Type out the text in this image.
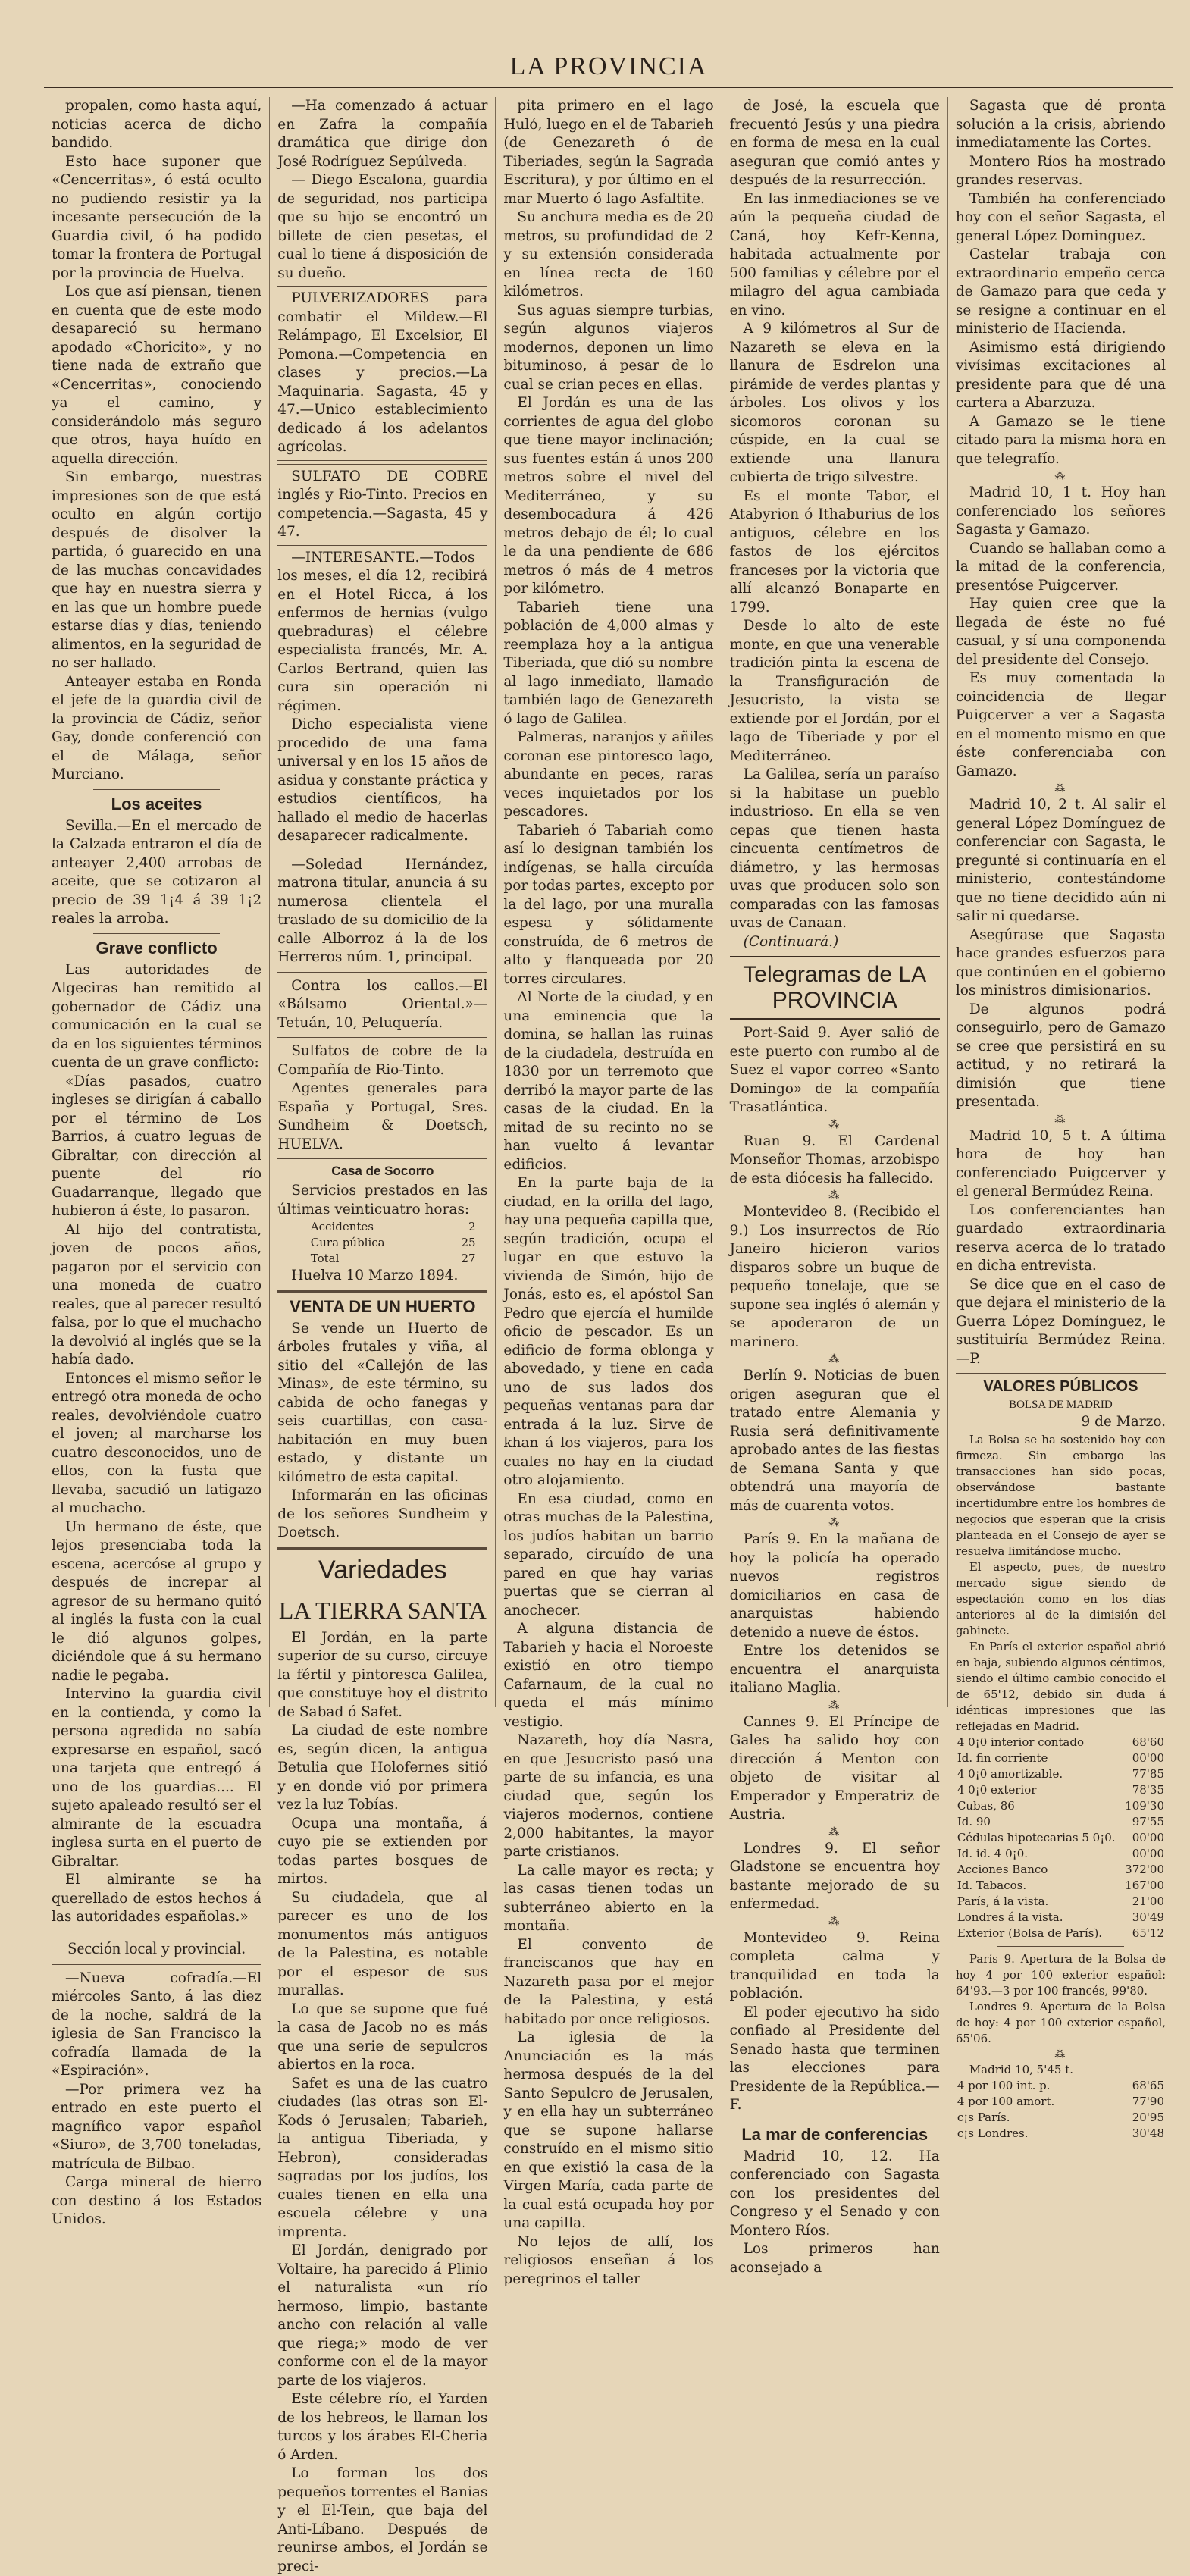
LA PROVINCIA

propalen, como hasta aquí, noticias acerca de dicho bandido.

Esto hace suponer que «Cencerritas», ó está oculto no pudiendo resistir ya la incesante persecución de la Guardia civil, ó ha podido tomar la frontera de Portugal por la provincia de Huelva.

Los que así piensan, tienen en cuenta que de este modo desapareció su hermano apodado «Choricito», y no tiene nada de extraño que «Cencerritas», conociendo ya el camino, y considerándolo más seguro que otros, haya huído en aquella dirección.

Sin embargo, nuestras impresiones son de que está oculto en algún cortijo después de disolver la partida, ó guarecido en una de las muchas concavidades que hay en nuestra sierra y en las que un hombre puede estarse días y días, teniendo alimentos, en la seguridad de no ser hallado.

Anteayer estaba en Ronda el jefe de la guardia civil de la provincia de Cádiz, señor Gay, donde conferenció con el de Málaga, señor Murciano.

Los aceites

Sevilla.—En el mercado de la Calzada entraron el día de anteayer 2,400 arrobas de aceite, que se cotizaron al precio de 39 1¡4 á 39 1¡2 reales la arroba.

Grave conflicto

Las autoridades de Algeciras han remitido al gobernador de Cádiz una comunicación en la cual se da en los siguientes términos cuenta de un grave conflicto:

«Días pasados, cuatro ingleses se dirigían á caballo por el término de Los Barrios, á cuatro leguas de Gibraltar, con dirección al puente del río Guadarranque, llegado que hubieron á éste, lo pasaron.

Al hijo del contratista, joven de pocos años, pagaron por el servicio con una moneda de cuatro reales, que al parecer resultó falsa, por lo que el muchacho la devolvió al inglés que se la había dado.

Entonces el mismo señor le entregó otra moneda de ocho reales, devolviéndole cuatro el joven; al marcharse los cuatro desconocidos, uno de ellos, con la fusta que llevaba, sacudió un latigazo al muchacho.

Un hermano de éste, que lejos presenciaba toda la escena, acercóse al grupo y después de increpar al agresor de su hermano quitó al inglés la fusta con la cual le dió algunos golpes, diciéndole que á su hermano nadie le pegaba.

Intervino la guardia civil en la contienda, y como la persona agredida no sabía expresarse en español, sacó una tarjeta que entregó á uno de los guardias.... El sujeto apaleado resultó ser el almirante de la escuadra inglesa surta en el puerto de Gibraltar.

El almirante se ha querellado de estos hechos á las autoridades españolas.»

Sección local y provincial.

—Nueva cofradía.—El miércoles Santo, á las diez de la noche, saldrá de la iglesia de San Francisco la cofradía llamada de la «Espiración».

—Por primera vez ha entrado en este puerto el magnífico vapor español «Siuro», de 3,700 toneladas, matrícula de Bilbao.

Carga mineral de hierro con destino á los Estados Unidos.

—Ha comenzado á actuar en Zafra la compañía dramática que dirige don José Rodríguez Sepúlveda.

— Diego Escalona, guardia de seguridad, nos participa que su hijo se encontró un billete de cien pesetas, el cual lo tiene á disposición de su dueño.

PULVERIZADORES para combatir el Mildew.—El Relámpago, El Excelsior, El Pomona.—Competencia en clases y precios.—La Maquinaria. Sagasta, 45 y 47.—Unico establecimiento dedicado á los adelantos agrícolas.

SULFATO DE COBRE inglés y Rio-Tinto. Precios en competencia.—Sagasta, 45 y 47.

—INTERESANTE.—Todos los meses, el día 12, recibirá en el Hotel Ricca, á los enfermos de hernias (vulgo quebraduras) el célebre especialista francés, Mr. A. Carlos Bertrand, quien las cura sin operación ni régimen.

Dicho especialista viene procedido de una fama universal y en los 15 años de asidua y constante práctica y estudios científicos, ha hallado el medio de hacerlas desaparecer radicalmente.

—Soledad Hernández, matrona titular, anuncia á su numerosa clientela el traslado de su domicilio de la calle Alborroz á la de los Herreros núm. 1, principal.

Contra los callos.—El «Bálsamo Oriental.»—Tetuán, 10, Peluquería.

Sulfatos de cobre de la Compañía de Rio-Tinto.

Agentes generales para España y Portugal, Sres. Sundheim & Doetsch, HUELVA.

Casa de Socorro

Servicios prestados en las últimas veinticuatro horas:

Accidentes	2
Cura pública	25
Total	27

Huelva 10 Marzo 1894.

VENTA DE UN HUERTO

Se vende un Huerto de árboles frutales y viña, al sitio del «Callejón de las Minas», de este término, su cabida de ocho fanegas y seis cuartillas, con casa-habitación en muy buen estado, y distante un kilómetro de esta capital.

Informarán en las oficinas de los señores Sundheim y Doetsch.

Variedades
LA TIERRA SANTA

El Jordán, en la parte superior de su curso, circuye la fértil y pintoresca Galilea, que constituye hoy el distrito de Sabad ó Safet.

La ciudad de este nombre es, según dicen, la antigua Betulia que Holofernes sitió y en donde vió por primera vez la luz Tobías.

Ocupa una montaña, á cuyo pie se extienden por todas partes bosques de mirtos.

Su ciudadela, que al parecer es uno de los monumentos más antiguos de la Palestina, es notable por el espesor de sus murallas.

Lo que se supone que fué la casa de Jacob no es más que una serie de sepulcros abiertos en la roca.

Safet es una de las cuatro ciudades (las otras son El-Kods ó Jerusalen; Tabarieh, la antigua Tiberiada, y Hebron), consideradas sagradas por los judíos, los cuales tienen en ella una escuela célebre y una imprenta.

El Jordán, denigrado por Voltaire, ha parecido á Plinio el naturalista «un río hermoso, limpio, bastante ancho con relación al valle que riega;» modo de ver conforme con el de la mayor parte de los viajeros.

Este célebre río, el Yarden de los hebreos, le llaman los turcos y los árabes El-Cheria ó Arden.

Lo forman los dos pequeños torrentes el Banias y el El-Tein, que baja del Anti-Líbano. Después de reunirse ambos, el Jordán se preci-

pita primero en el lago Huló, luego en el de Tabarieh (de Genezareth ó de Tiberiades, según la Sagrada Escritura), y por último en el mar Muerto ó lago Asfaltite.

Su anchura media es de 20 metros, su profundidad de 2 y su extensión considerada en línea recta de 160 kilómetros.

Sus aguas siempre turbias, según algunos viajeros modernos, deponen un limo bituminoso, á pesar de lo cual se crian peces en ellas.

El Jordán es una de las corrientes de agua del globo que tiene mayor inclinación; sus fuentes están á unos 200 metros sobre el nivel del Mediterráneo, y su desembocadura á 426 metros debajo de él; lo cual le da una pendiente de 686 metros ó más de 4 metros por kilómetro.

Tabarieh tiene una población de 4,000 almas y reemplaza hoy a la antigua Tiberiada, que dió su nombre al lago inmediato, llamado también lago de Genezareth ó lago de Galilea.

Palmeras, naranjos y añiles coronan ese pintoresco lago, abundante en peces, raras veces inquietados por los pescadores.

Tabarieh ó Tabariah como así lo designan también los indígenas, se halla circuída por todas partes, excepto por la del lago, por una muralla espesa y sólidamente construída, de 6 metros de alto y flanqueada por 20 torres circulares.

Al Norte de la ciudad, y en una eminencia que la domina, se hallan las ruinas de la ciudadela, destruída en 1830 por un terremoto que derribó la mayor parte de las casas de la ciudad. En la mitad de su recinto no se han vuelto á levantar edificios.

En la parte baja de la ciudad, en la orilla del lago, hay una pequeña capilla que, según tradición, ocupa el lugar en que estuvo la vivienda de Simón, hijo de Jonás, esto es, el apóstol San Pedro que ejercía el humilde oficio de pescador. Es un edificio de forma oblonga y abovedado, y tiene en cada uno de sus lados dos pequeñas ventanas para dar entrada á la luz. Sirve de khan á los viajeros, para los cuales no hay en la ciudad otro alojamiento.

En esa ciudad, como en otras muchas de la Palestina, los judíos habitan un barrio separado, circuído de una pared en que hay varias puertas que se cierran al anochecer.

A alguna distancia de Tabarieh y hacia el Noroeste existió en otro tiempo Cafarnaum, de la cual no queda el más mínimo vestigio.

Nazareth, hoy día Nasra, en que Jesucristo pasó una parte de su infancia, es una ciudad que, según los viajeros modernos, contiene 2,000 habitantes, la mayor parte cristianos.

La calle mayor es recta; y las casas tienen todas un subterráneo abierto en la montaña.

El convento de franciscanos que hay en Nazareth pasa por el mejor de la Palestina, y está habitado por once religiosos.

La iglesia de la Anunciación es la más hermosa después de la del Santo Sepulcro de Jerusalen, y en ella hay un subterráneo que se supone hallarse construído en el mismo sitio en que existió la casa de la Virgen María, cada parte de la cual está ocupada hoy por una capilla.

No lejos de allí, los religiosos enseñan á los peregrinos el taller

de José, la escuela que frecuentó Jesús y una piedra en forma de mesa en la cual aseguran que comió antes y después de la resurrección.

En las inmediaciones se ve aún la pequeña ciudad de Caná, hoy Kefr-Kenna, habitada actualmente por 500 familias y célebre por el milagro del agua cambiada en vino.

A 9 kilómetros al Sur de Nazareth se eleva en la llanura de Esdrelon una pirámide de verdes plantas y árboles. Los olivos y los sicomoros coronan su cúspide, en la cual se extiende una llanura cubierta de trigo silvestre.

Es el monte Tabor, el Atabyrion ó Ithaburius de los antiguos, célebre en los fastos de los ejércitos franceses por la victoria que allí alcanzó Bonaparte en 1799.

Desde lo alto de este monte, en que una venerable tradición pinta la escena de la Transfiguración de Jesucristo, la vista se extiende por el Jordán, por el lago de Tiberiade y por el Mediterráneo.

La Galilea, sería un paraíso si la habitase un pueblo industrioso. En ella se ven cepas que tienen hasta cincuenta centímetros de diámetro, y las hermosas uvas que producen solo son comparadas con las famosas uvas de Canaan.

(Continuará.)

Telegramas de LA PROVINCIA

Port-Said 9. Ayer salió de este puerto con rumbo al de Suez el vapor correo «Santo Domingo» de la compañía Trasatlántica.

⁂

Ruan 9. El Cardenal Monseñor Thomas, arzobispo de esta diócesis ha fallecido.

⁂

Montevideo 8. (Recibido el 9.) Los insurrectos de Río Janeiro hicieron varios disparos sobre un buque de pequeño tonelaje, que se supone sea inglés ó alemán y se apoderaron de un marinero.

⁂

Berlín 9. Noticias de buen origen aseguran que el tratado entre Alemania y Rusia será definitivamente aprobado antes de las fiestas de Semana Santa y que obtendrá una mayoría de más de cuarenta votos.

⁂

París 9. En la mañana de hoy la policía ha operado nuevos registros domiciliarios en casa de anarquistas habiendo detenido a nueve de éstos.

Entre los detenidos se encuentra el anarquista italiano Maglia.

⁂

Cannes 9. El Príncipe de Gales ha salido hoy con dirección á Menton con objeto de visitar al Emperador y Emperatriz de Austria.

⁂

Londres 9. El señor Gladstone se encuentra hoy bastante mejorado de su enfermedad.

⁂

Montevideo 9. Reina completa calma y tranquilidad en toda la población.

El poder ejecutivo ha sido confiado al Presidente del Senado hasta que terminen las elecciones para Presidente de la República.—F.

La mar de conferencias

Madrid 10, 12. Ha conferenciado con Sagasta con los presidentes del Congreso y el Senado y con Montero Ríos.

Los primeros han aconsejado a

Sagasta que dé pronta solución a la crisis, abriendo inmediatamente las Cortes.

Montero Ríos ha mostrado grandes reservas.

También ha conferenciado hoy con el señor Sagasta, el general López Dominguez.

Castelar trabaja con extraordinario empeño cerca de Gamazo para que ceda y se resigne a continuar en el ministerio de Hacienda.

Asimismo está dirigiendo vivísimas excitaciones al presidente para que dé una cartera a Abarzuza.

A Gamazo se le tiene citado para la misma hora en que telegrafío.

⁂

Madrid 10, 1 t. Hoy han conferenciado los señores Sagasta y Gamazo.

Cuando se hallaban como a la mitad de la conferencia, presentóse Puigcerver.

Hay quien cree que la llegada de éste no fué casual, y sí una componenda del presidente del Consejo.

Es muy comentada la coincidencia de llegar Puigcerver a ver a Sagasta en el momento mismo en que éste conferenciaba con Gamazo.

⁂

Madrid 10, 2 t. Al salir el general López Domínguez de conferenciar con Sagasta, le pregunté si continuaría en el ministerio, contestándome que no tiene decidido aún ni salir ni quedarse.

Asegúrase que Sagasta hace grandes esfuerzos para que continúen en el gobierno los ministros dimisionarios.

De algunos podrá conseguirlo, pero de Gamazo se cree que persistirá en su actitud, y no retirará la dimisión que tiene presentada.

⁂

Madrid 10, 5 t. A última hora de hoy han conferenciado Puigcerver y el general Bermúdez Reina.

Los conferenciantes han guardado extraordinaria reserva acerca de lo tratado en dicha entrevista.

Se dice que en el caso de que dejara el ministerio de la Guerra López Domínguez, le sustituiría Bermúdez Reina.—P.

VALORES PÚBLICOS
BOLSA DE MADRID

9 de Marzo.

La Bolsa se ha sostenido hoy con firmeza. Sin embargo las transacciones han sido pocas, observándose bastante incertidumbre entre los hombres de negocios que esperan que la crisis planteada en el Consejo de ayer se resuelva limitándose mucho.

El aspecto, pues, de nuestro mercado sigue siendo de espectación como en los días anteriores al de la dimisión del gabinete.

En París el exterior español abrió en baja, subiendo algunos céntimos, siendo el último cambio conocido el de 65'12, debido sin duda á idénticas impresiones que las reflejadas en Madrid.

4 0¡0 interior contado	68'60
Id. fin corriente	00'00
4 0¡0 amortizable.	77'85
4 0¡0 exterior	78'35
Cubas, 86	109'30
Id. 90	97'55
Cédulas hipotecarias 5 0¡0.	00'00
Id. id. 4 0¡0.	00'00
Acciones Banco	372'00
Id. Tabacos.	167'00
París, á la vista.	21'00
Londres á la vista.	30'49
Exterior (Bolsa de París).	65'12

París 9. Apertura de la Bolsa de hoy 4 por 100 exterior español: 64'93.—3 por 100 francés, 99'80.

Londres 9. Apertura de la Bolsa de hoy: 4 por 100 exterior español, 65'06.

⁂

Madrid 10, 5'45 t.

4 por 100 int. p.	68'65
4 por 100 amort.	77'90
c¡s París.	20'95
c¡s Londres.	30'48
